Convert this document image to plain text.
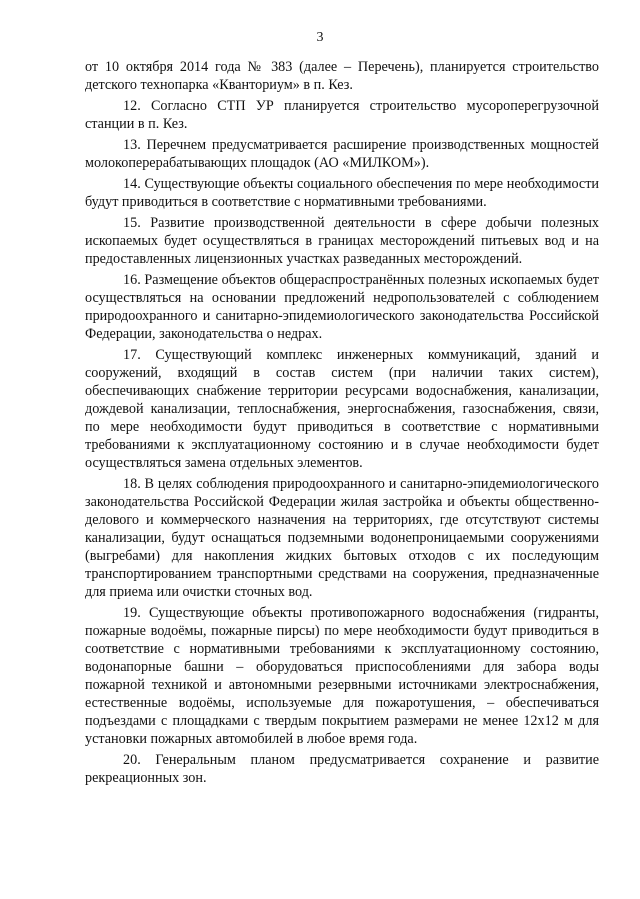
3

от 10 октября 2014 года № 383 (далее – Перечень), планируется строительство детского технопарка «Кванториум» в п. Кез.

12. Согласно СТП УР планируется строительство мусороперегрузочной станции в п. Кез.

13. Перечнем предусматривается расширение производственных мощностей молокоперерабатывающих площадок (АО «МИЛКОМ»).

14. Существующие объекты социального обеспечения по мере необходимости будут приводиться в соответствие с нормативными требованиями.

15. Развитие производственной деятельности в сфере добычи полезных ископаемых будет осуществляться в границах месторождений питьевых вод и на предоставленных лицензионных участках разведанных месторождений.

16. Размещение объектов общераспространённых полезных ископаемых будет осуществляться на основании предложений недропользователей с соблюдением природоохранного и санитарно-эпидемиологического законодательства Российской Федерации, законодательства о недрах.

17. Существующий комплекс инженерных коммуникаций, зданий и сооружений, входящий в состав систем (при наличии таких систем), обеспечивающих снабжение территории ресурсами водоснабжения, канализации, дождевой канализации, теплоснабжения, энергоснабжения, газоснабжения, связи, по мере необходимости будут приводиться в соответствие с нормативными требованиями к эксплуатационному состоянию и в случае необходимости будет осуществляться замена отдельных элементов.

18. В целях соблюдения природоохранного и санитарно-эпидемиологического законодательства Российской Федерации жилая застройка и объекты общественно-делового и коммерческого назначения на территориях, где отсутствуют системы канализации, будут оснащаться подземными водонепроницаемыми сооружениями (выгребами) для накопления жидких бытовых отходов с их последующим транспортированием транспортными средствами на сооружения, предназначенные для приема или очистки сточных вод.

19. Существующие объекты противопожарного водоснабжения (гидранты, пожарные водоёмы, пожарные пирсы) по мере необходимости будут приводиться в соответствие с нормативными требованиями к эксплуатационному состоянию, водонапорные башни – оборудоваться приспособлениями для забора воды пожарной техникой и автономными резервными источниками электроснабжения, естественные водоёмы, используемые для пожаротушения, – обеспечиваться подъездами с площадками с твердым покрытием размерами не менее 12х12 м для установки пожарных автомобилей в любое время года.

20. Генеральным планом предусматривается сохранение и развитие рекреационных зон.
